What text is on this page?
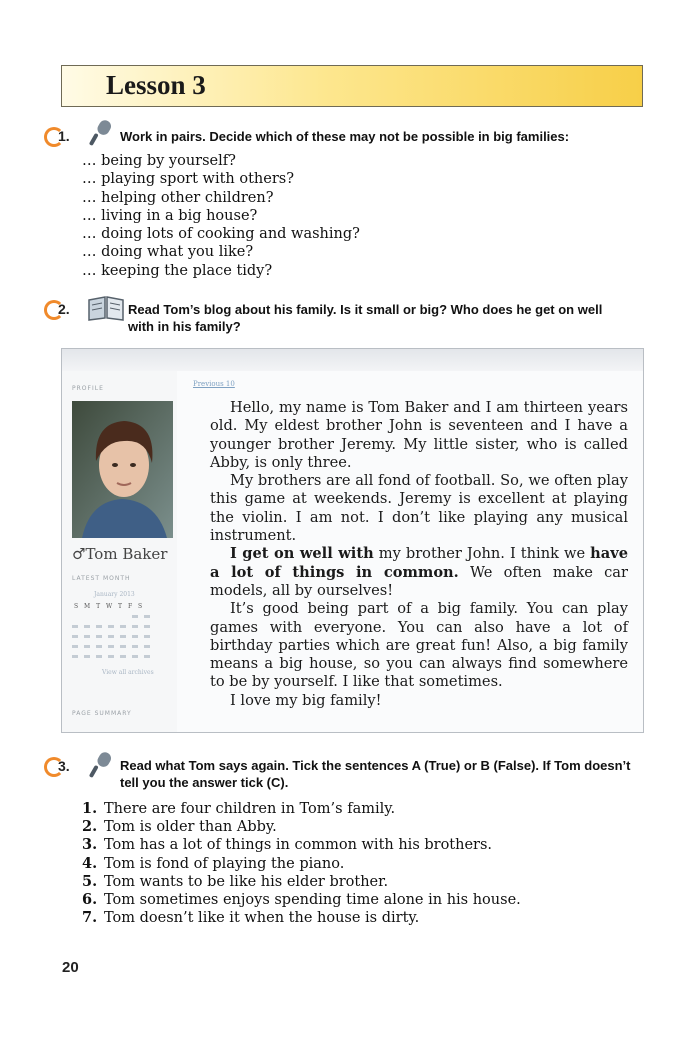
Lesson 3
1.	Work in pairs. Decide which of these may not be possible in big families:
… being by yourself?
… playing sport with others?
… helping other children?
… living in a big house?
… doing lots of cooking and washing?
… doing what you like?
… keeping the place tidy?
2.	Read Tom’s blog about his family. Is it small or big? Who does he get on well
with in his family?
PROFILE
♂Tom Baker
LATEST MONTH
January 2013
S M T W T F S
View all archives
PAGE SUMMARY
Previous 10

Hello, my name is Tom Baker and I am thirteen years old. My eldest brother John is seventeen and I have a younger brother Jeremy. My little sister, who is called Abby, is only three.

My brothers are all fond of football. So, we often play this game at weekends. Jeremy is excellent at playing the violin. I am not. I don’t like playing any musical instrument.

I get on well with my brother John. I think we have a lot of things in common. We often make car models, all by ourselves!

It’s good being part of a big family. You can play games with everyone. You can also have a lot of birthday parties which are great fun! Also, a big family means a big house, so you can always find somewhere to be by yourself. I like that sometimes.

I love my big family!

3.	Read what Tom says again. Tick the sentences A (True) or B (False). If Tom doesn’t
tell you the answer tick (C).
1. There are four children in Tom’s family.
2. Tom is older than Abby.
3. Tom has a lot of things in common with his brothers.
4. Tom is fond of playing the piano.
5. Tom wants to be like his elder brother.
6. Tom sometimes enjoys spending time alone in his house.
7. Tom doesn’t like it when the house is dirty.
20
